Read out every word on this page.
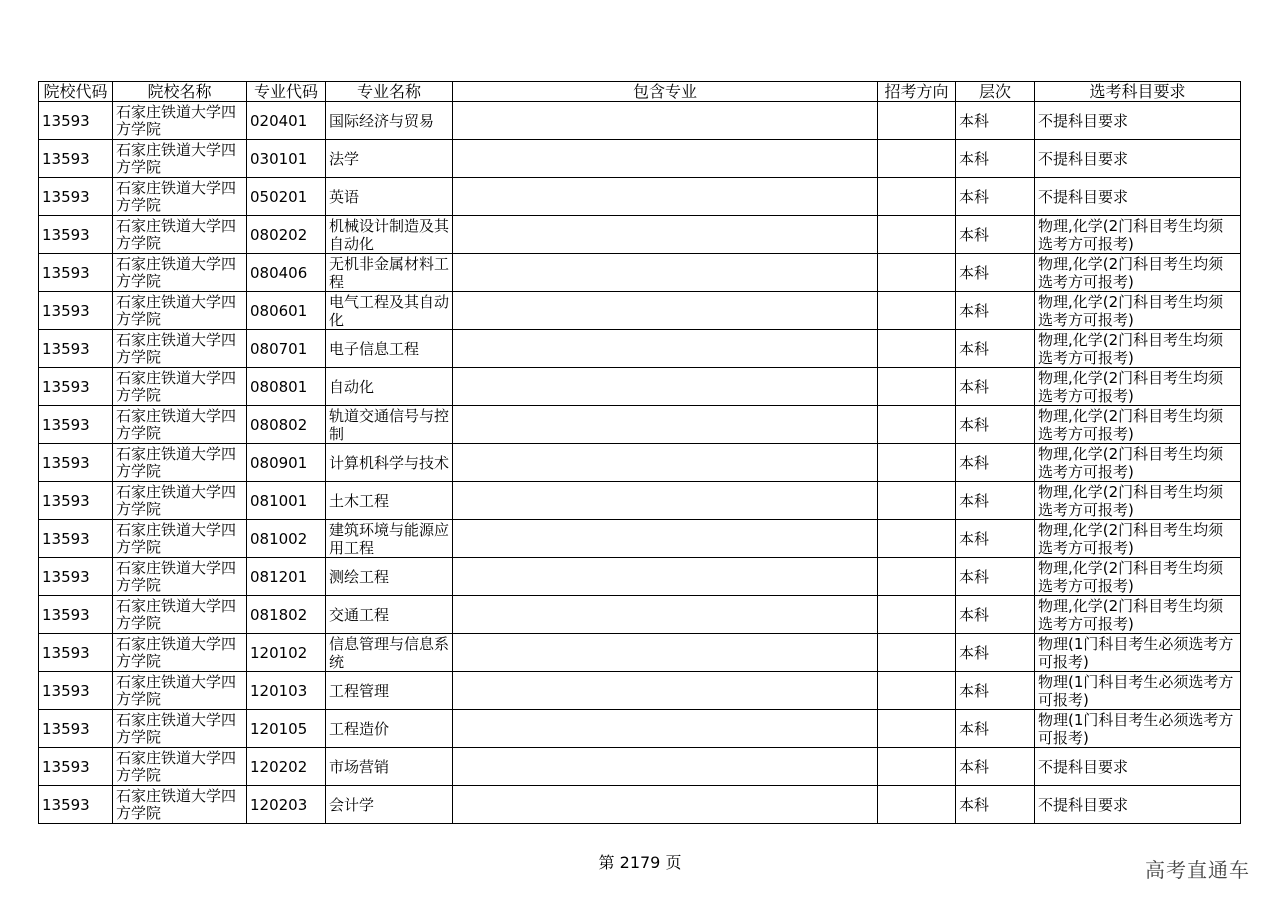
院校代码	院校名称	专业代码	专业名称	包含专业	招考方向	层次	选考科目要求
13593	石家庄铁道大学四方学院	020401	国际经济与贸易			本科	不提科目要求
13593	石家庄铁道大学四方学院	030101	法学			本科	不提科目要求
13593	石家庄铁道大学四方学院	050201	英语			本科	不提科目要求
13593	石家庄铁道大学四方学院	080202	机械设计制造及其自动化			本科	物理,化学(2门科目考生均须选考方可报考)
13593	石家庄铁道大学四方学院	080406	无机非金属材料工程			本科	物理,化学(2门科目考生均须选考方可报考)
13593	石家庄铁道大学四方学院	080601	电气工程及其自动化			本科	物理,化学(2门科目考生均须选考方可报考)
13593	石家庄铁道大学四方学院	080701	电子信息工程			本科	物理,化学(2门科目考生均须选考方可报考)
13593	石家庄铁道大学四方学院	080801	自动化			本科	物理,化学(2门科目考生均须选考方可报考)
13593	石家庄铁道大学四方学院	080802	轨道交通信号与控制			本科	物理,化学(2门科目考生均须选考方可报考)
13593	石家庄铁道大学四方学院	080901	计算机科学与技术			本科	物理,化学(2门科目考生均须选考方可报考)
13593	石家庄铁道大学四方学院	081001	土木工程			本科	物理,化学(2门科目考生均须选考方可报考)
13593	石家庄铁道大学四方学院	081002	建筑环境与能源应用工程			本科	物理,化学(2门科目考生均须选考方可报考)
13593	石家庄铁道大学四方学院	081201	测绘工程			本科	物理,化学(2门科目考生均须选考方可报考)
13593	石家庄铁道大学四方学院	081802	交通工程			本科	物理,化学(2门科目考生均须选考方可报考)
13593	石家庄铁道大学四方学院	120102	信息管理与信息系统			本科	物理(1门科目考生必须选考方可报考)
13593	石家庄铁道大学四方学院	120103	工程管理			本科	物理(1门科目考生必须选考方可报考)
13593	石家庄铁道大学四方学院	120105	工程造价			本科	物理(1门科目考生必须选考方可报考)
13593	石家庄铁道大学四方学院	120202	市场营销			本科	不提科目要求
13593	石家庄铁道大学四方学院	120203	会计学			本科	不提科目要求
第 2179 页	高考直通车
